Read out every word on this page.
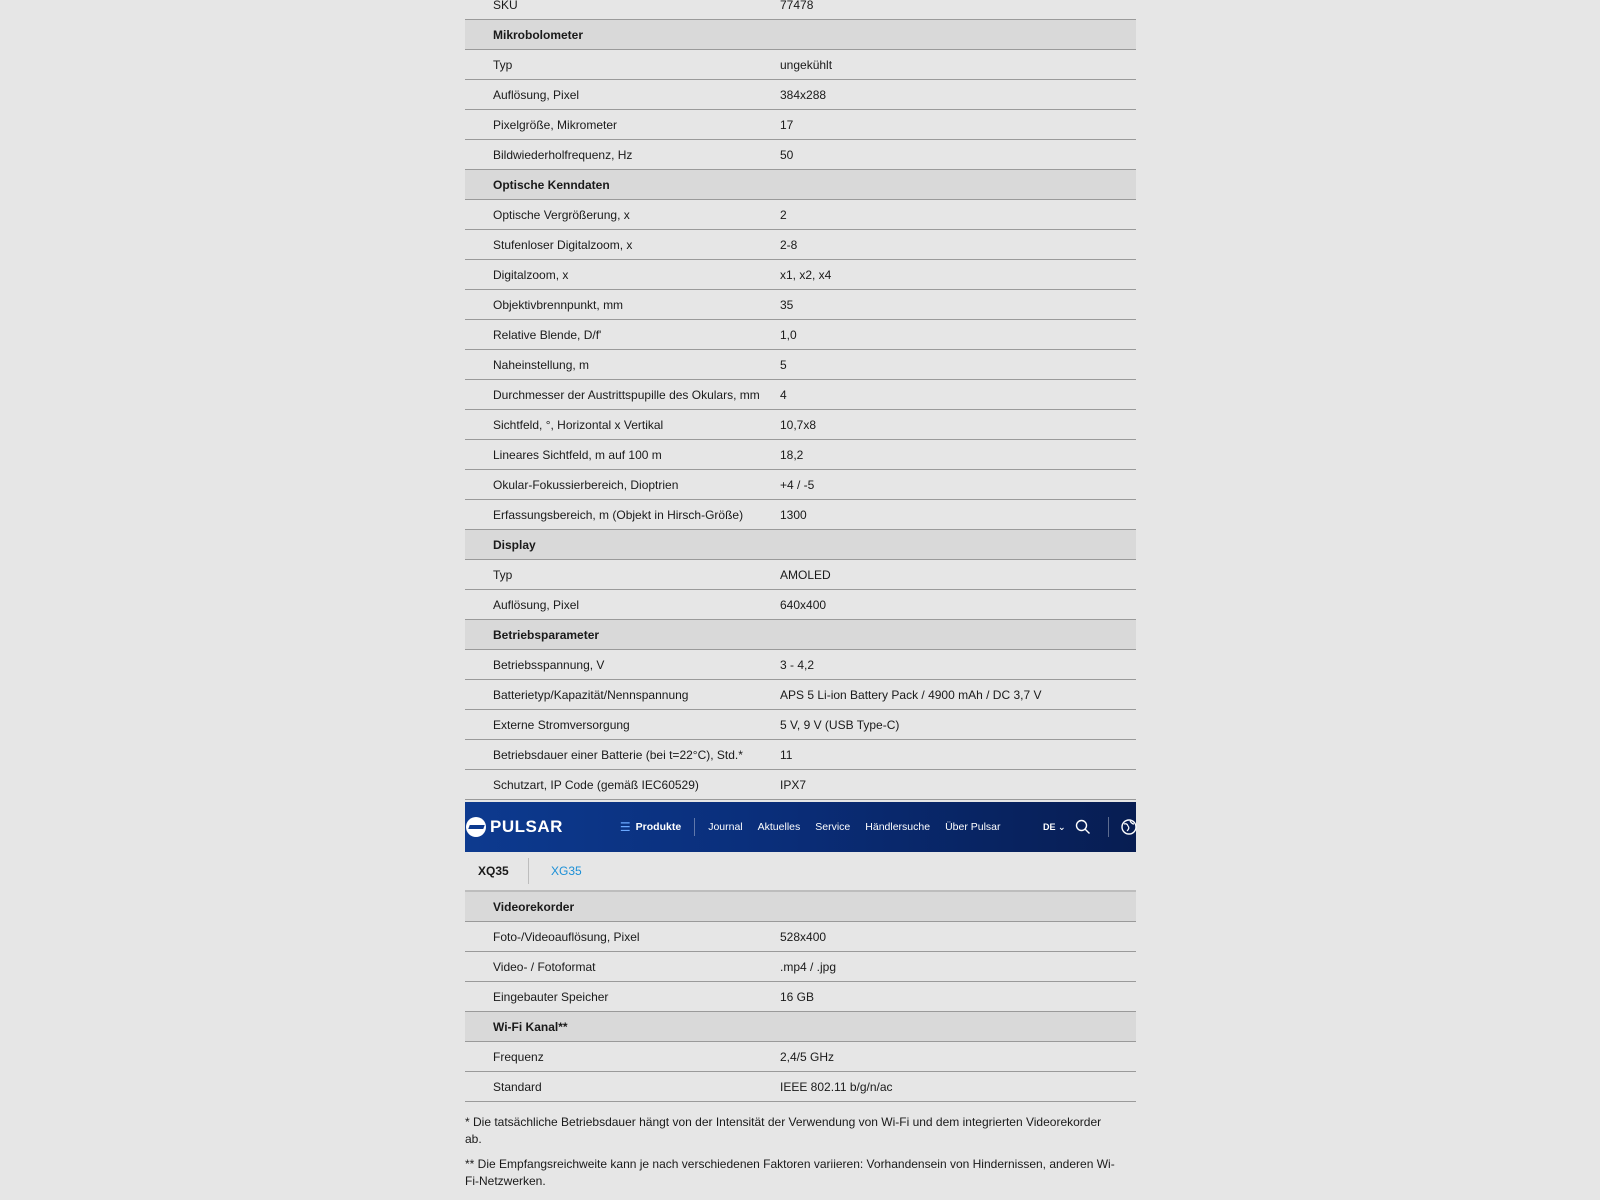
SKU	77478
Mikrobolometer
Typ	ungekühlt
Auflösung, Pixel	384x288
Pixelgröße, Mikrometer	17
Bildwiederholfrequenz, Hz	50
Optische Kenndaten
Optische Vergrößerung, x	2
Stufenloser Digitalzoom, x	2-8
Digitalzoom, x	x1, x2, x4
Objektivbrennpunkt, mm	35
Relative Blende, D/f'	1,0
Naheinstellung, m	5
Durchmesser der Austrittspupille des Okulars, mm	4
Sichtfeld, °, Horizontal x Vertikal	10,7x8
Lineares Sichtfeld, m auf 100 m	18,2
Okular-Fokussierbereich, Dioptrien	+4 / -5
Erfassungsbereich, m (Objekt in Hirsch-Größe)	1300
Display
Typ	AMOLED
Auflösung, Pixel	640x400
Betriebsparameter
Betriebsspannung, V	3 - 4,2
Batterietyp/Kapazität/Nennspannung	APS 5 Li-ion Battery Pack / 4900 mAh / DC 3,7 V
Externe Stromversorgung	5 V, 9 V (USB Type-C)
Betriebsdauer einer Batterie (bei t=22°C), Std.*	11
Schutzart, IP Code (gemäß IEC60529)	IPX7
PULSAR	☰ Produkte	Journal Aktuelles Service Händlersuche Über Pulsar	DE ⌄
XQ35	XG35
Videorekorder
Foto-/Videoauflösung, Pixel	528x400
Video- / Fotoformat	.mp4 / .jpg
Eingebauter Speicher	16 GB
Wi-Fi Kanal**
Frequenz	2,4/5 GHz
Standard	IEEE 802.11 b/g/n/ac

* Die tatsächliche Betriebsdauer hängt von der Intensität der Verwendung von Wi-Fi und dem integrierten Videorekorder ab.

** Die Empfangsreichweite kann je nach verschiedenen Faktoren variieren: Vorhandensein von Hindernissen, anderen Wi-Fi-Netzwerken.
